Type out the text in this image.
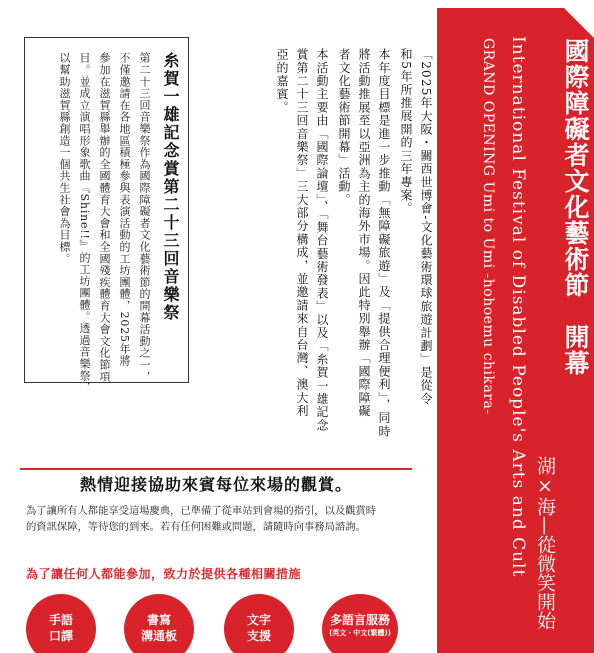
國際障礙者文化藝術節　開幕
湖×海—從微笑開始
International Festival of Disabled People's Arts and Cult
GRAND OPENING Umi to Umi -hohoemu chikara-
「2025年大阪・關西世博會-文化藝術環球旅遊計劃」是從令
和5年所推展開的三年專案。
本年度目標是進一步推動「無障礙旅遊」及「提供合理便利」，同時
將活動推展至以亞洲為主的海外市場。因此特別舉辦「國際障礙
者文化藝術節開幕」活動。
本活動主要由「國際論壇」、「舞台藝術發表」以及「糸賀一雄記念
賞第二十三回音樂祭」三大部分構成，並邀請來自台灣、澳大利
亞的嘉賓。
糸賀一雄記念賞第二十三回音樂祭
第二十三回音樂祭作為國際障礙者文化藝術節的開幕活動之一，
不僅邀請在各地區積極參與表演活動的工坊團體，2025年將
參加在滋賀縣舉辦的全國體育大會和全國殘疾體育大會文化節項
目。並成立演唱形象歌曲『Shine!!』的工坊團體。透過音樂祭，
以幫助滋賀縣創造一個共生社會為目標。
熱情迎接協助來賓每位來場的觀賞。
為了讓所有人都能享受這場慶典，已準備了從車站到會場的指引，以及觀賞時
的資訊保障，等待您的到來。若有任何困難或問題，請隨時向事務局諮詢。
為了讓任何人都能參加，致力於提供各種相關措施
手語
口譯
書寫
溝通板
文字
支援
多語言服務
(英文・中文(繁體))
